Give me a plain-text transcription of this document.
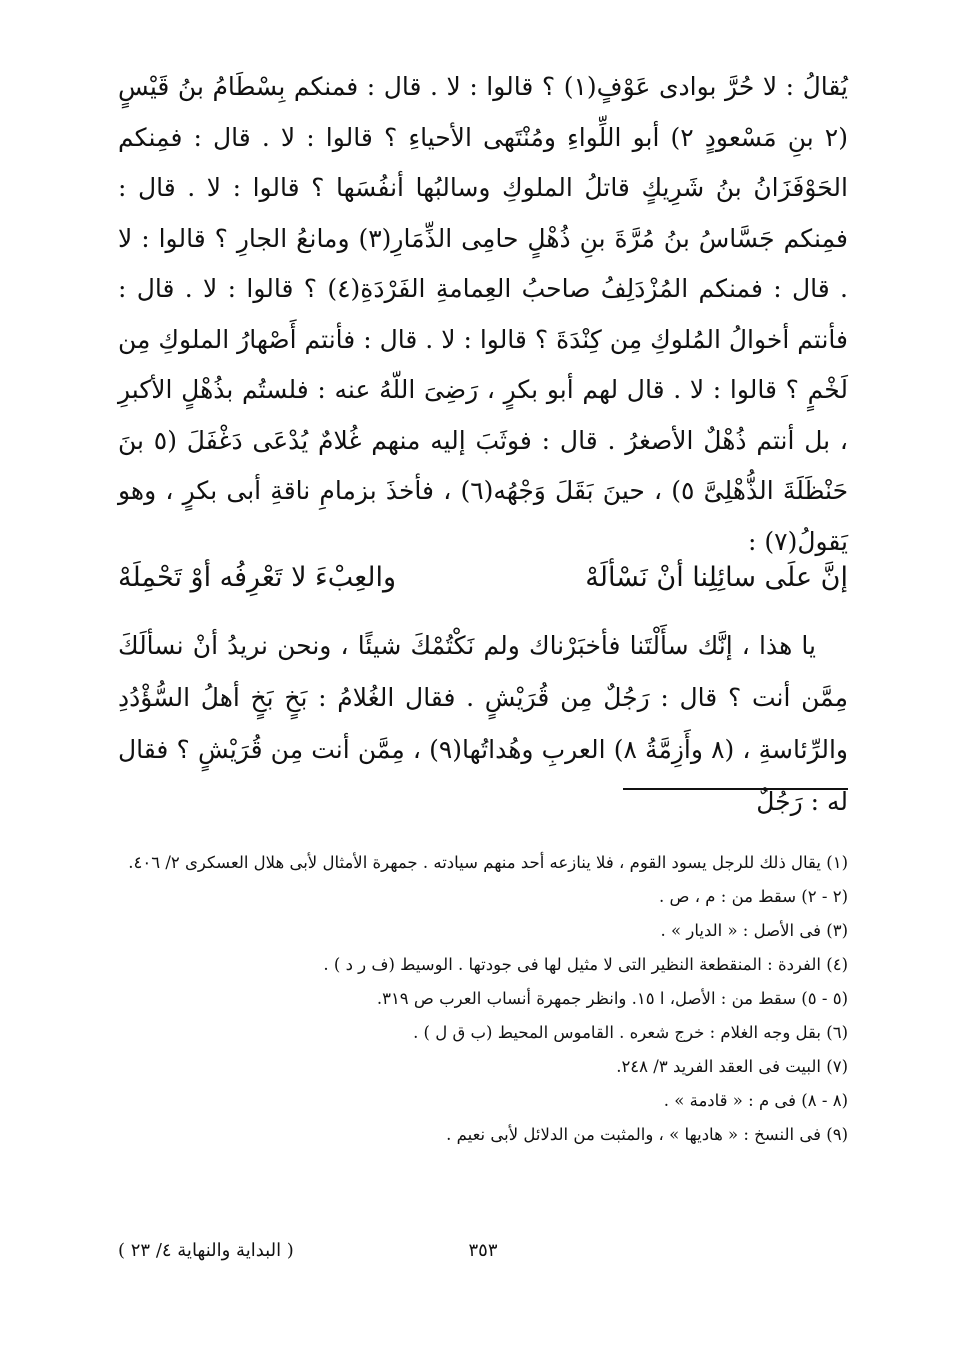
يُقالُ : لا حُرَّ بوادى عَوْفٍ(١) ؟ قالوا : لا . قال : فمنكم بِسْطَامُ بنُ قَيْسٍ (٢ بنِ مَسْعودٍ ٢) أبو اللِّواءِ ومُنْتَهى الأحياءِ ؟ قالوا : لا . قال : فمِنكم الحَوْفَزَانُ بنُ شَرِيكٍ قاتلُ الملوكِ وسالبُها أنفُسَها ؟ قالوا : لا . قال : فمِنكم جَسَّاسُ بنُ مُرَّةَ بنِ ذُهْلٍ حامِى الذِّمَارِ(٣) ومانعُ الجارِ ؟ قالوا : لا . قال : فمنكم المُزْدَلِفُ صاحبُ العِمامةِ الفَرْدَةِ(٤) ؟ قالوا : لا . قال : فأنتم أخوالُ المُلوكِ مِن كِنْدَةَ ؟ قالوا : لا . قال : فأنتم أَصْهارُ الملوكِ مِن لَخْمٍ ؟ قالوا : لا . قال لهم أبو بكرٍ ، رَضِىَ اللّهُ عنه : فلستُم بذُهْلٍ الأكبرِ ، بل أنتم ذُهْلٌ الأصغرُ . قال : فوثَبَ إليه منهم غُلامٌ يُدْعَى دَغْفَلَ (٥ بنَ حَنْظَلَةَ الذُّهْلِىَّ ٥) ، حينَ بَقَلَ وَجْهُه(٦) ، فأخذَ بزمامِ ناقةِ أبى بكرٍ ، وهو يَقولُ(٧) :

إنَّ علَى سائِلِنا أنْ نَسْألَهْ
والعِبْءَ لا تَعْرِفُه أوْ تَحْمِلَهْ

يا هذا ، إنَّك سأَلْتَنا فأخبَرْناك ولم نَكْتُمْكَ شيئًا ، ونحن نريدُ أنْ نسألَكَ مِمَّن أنت ؟ قال : رَجُلٌ مِن قُرَيْشٍ . فقال الغُلامُ : بَخٍ بَخٍ أهلُ السُّؤْدُدِ والرِّئاسةِ ، (٨ وأَزِمَّةُ ٨) العربِ وهُداتُها(٩) ، مِمَّن أنت مِن قُرَيْشٍ ؟ فقال له : رَجُلٌ

(١) يقال ذلك للرجل يسود القوم ، فلا ينازعه أحد منهم سيادته . جمهرة الأمثال لأبى هلال العسكرى ٢/ ٤٠٦.
(٢ - ٢) سقط من : م ، ص .
(٣) فى الأصل : « الديار » .
(٤) الفردة : المنقطعة النظير التى لا مثيل لها فى جودتها . الوسيط (ف ر د ) .
(٥ - ٥) سقط من : الأصل، ا ١٥. وانظر جمهرة أنساب العرب ص ٣١٩.
(٦) بقل وجه الغلام : خرج شعره . القاموس المحيط (ب ق ل ) .
(٧) البيت فى العقد الفريد ٣/ ٢٤٨.
(٨ - ٨) فى م : « قادمة » .
(٩) فى النسخ : « هاديها » ، والمثبت من الدلائل لأبى نعيم .
٣٥٣
( البداية والنهاية ٤/ ٢٣ )
